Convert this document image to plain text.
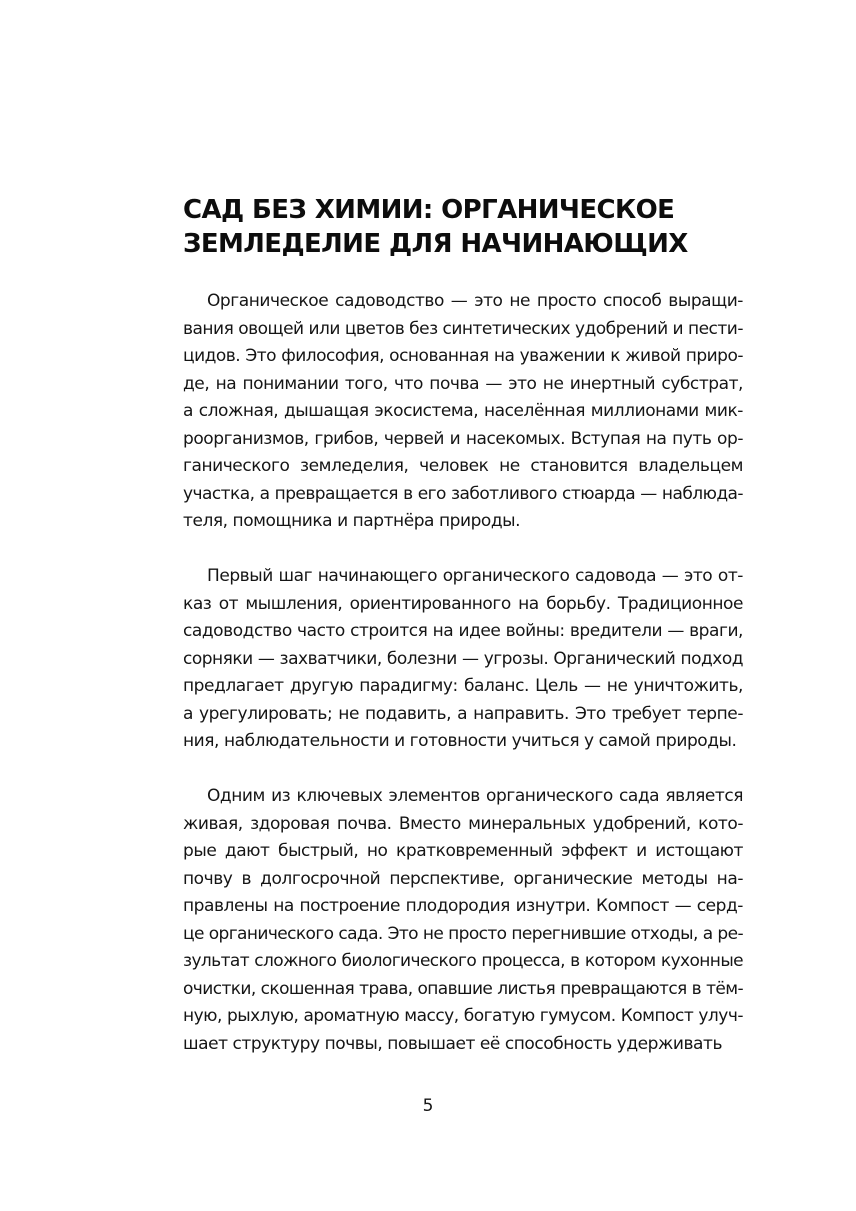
САД БЕЗ ХИМИИ: ОРГАНИЧЕСКОЕ
ЗЕМЛЕДЕЛИЕ ДЛЯ НАЧИНАЮЩИХ

Органическое садоводство — это не просто способ выращи-
вания овощей или цветов без синтетических удобрений и пести-
цидов. Это философия, основанная на уважении к живой приро-
де, на понимании того, что почва — это не инертный субстрат,
а сложная, дышащая экосистема, населённая миллионами мик-
роорганизмов, грибов, червей и насекомых. Вступая на путь ор-
ганического земледелия, человек не становится владельцем
участка, а превращается в его заботливого стюарда — наблюда-
теля, помощника и партнёра природы.

Первый шаг начинающего органического садовода — это от-
каз от мышления, ориентированного на борьбу. Традиционное
садоводство часто строится на идее войны: вредители — враги,
сорняки — захватчики, болезни — угрозы. Органический подход
предлагает другую парадигму: баланс. Цель — не уничтожить,
а урегулировать; не подавить, а направить. Это требует терпе-
ния, наблюдательности и готовности учиться у самой природы.

Одним из ключевых элементов органического сада является
живая, здоровая почва. Вместо минеральных удобрений, кото-
рые дают быстрый, но кратковременный эффект и истощают
почву в долгосрочной перспективе, органические методы на-
правлены на построение плодородия изнутри. Компост — серд-
це органического сада. Это не просто перегнившие отходы, а ре-
зультат сложного биологического процесса, в котором кухонные
очистки, скошенная трава, опавшие листья превращаются в тём-
ную, рыхлую, ароматную массу, богатую гумусом. Компост улуч-
шает структуру почвы, повышает её способность удерживать

5
